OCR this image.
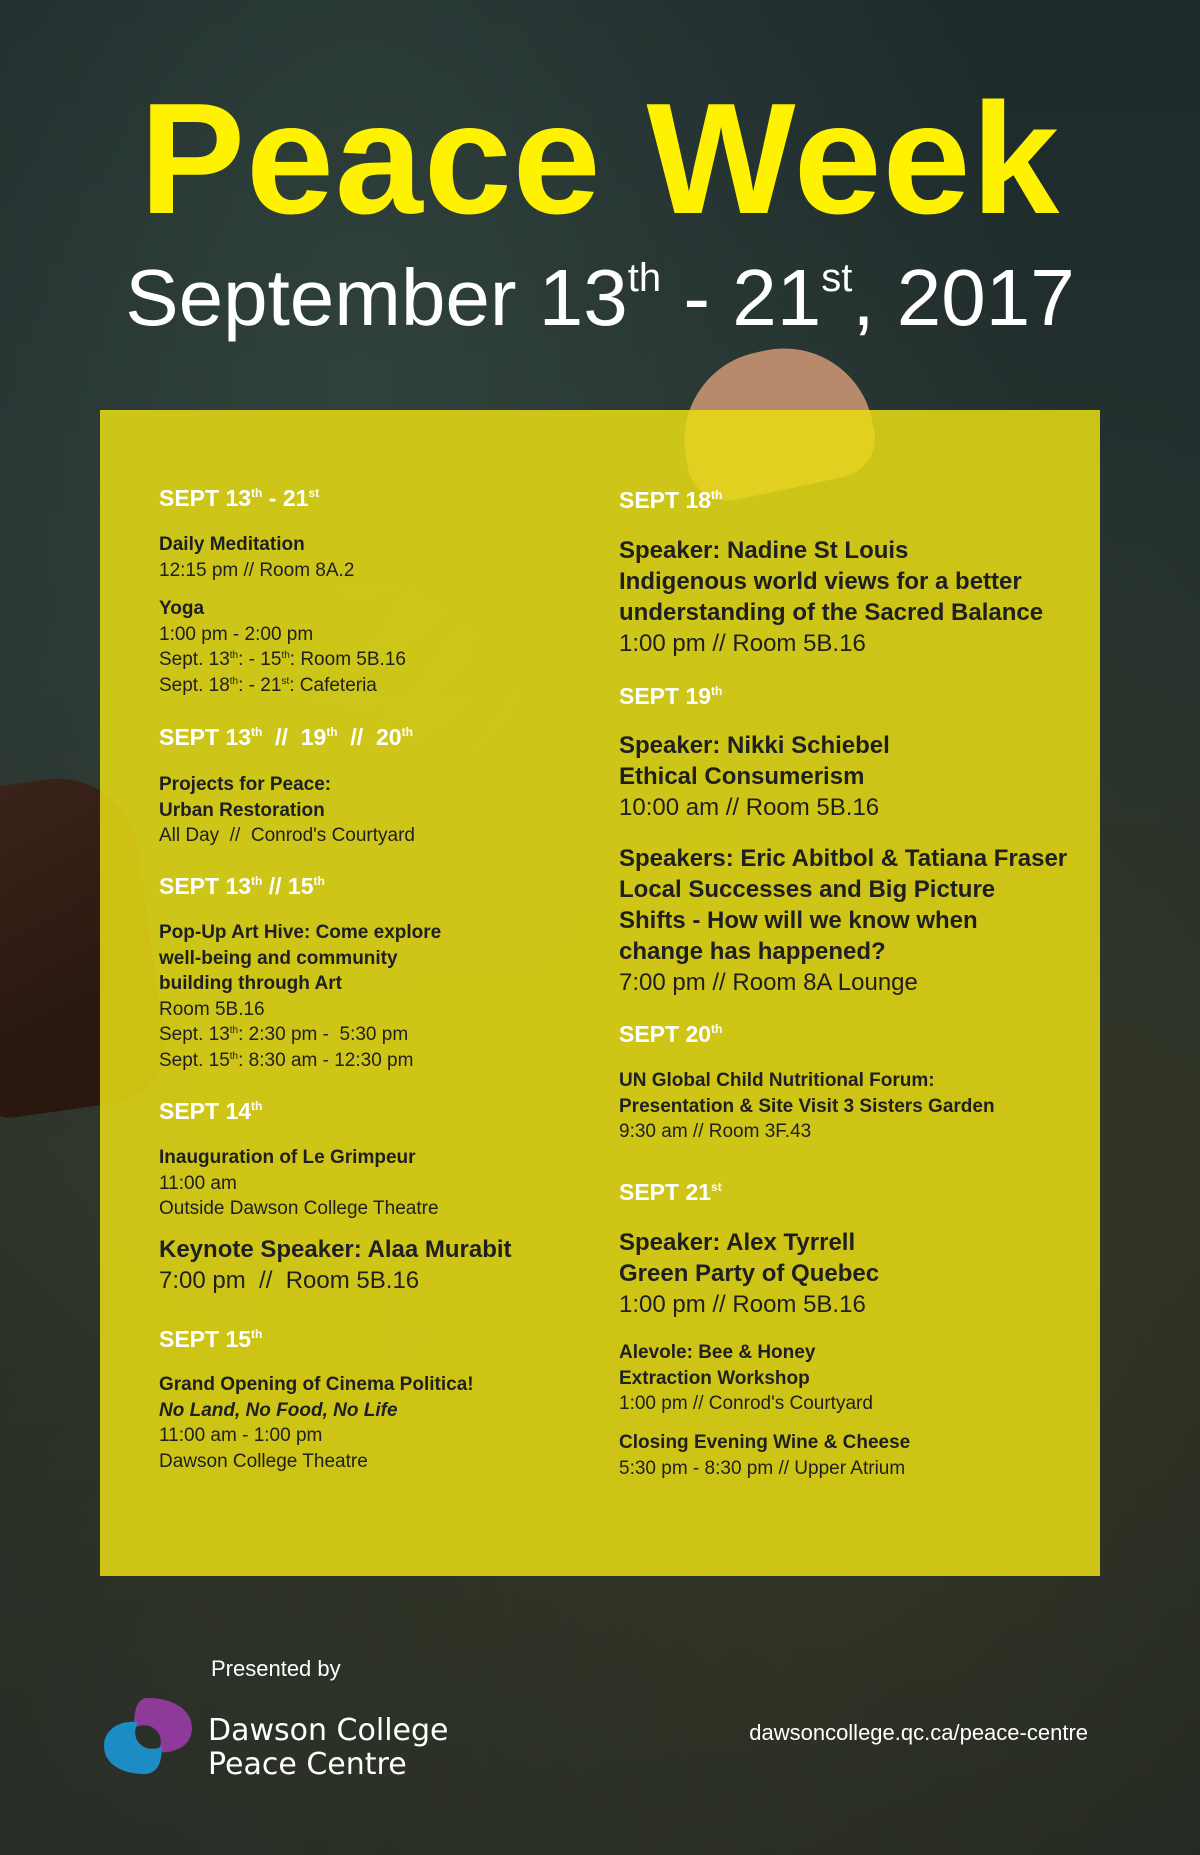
Peace Week
September 13th - 21st, 2017

SEPT 13th - 21st

Daily Meditation
12:15 pm // Room 8A.2
Yoga
1:00 pm - 2:00 pm
Sept. 13th: - 15th: Room 5B.16
Sept. 18th: - 21st: Cafeteria

SEPT 13th  //  19th  //  20th

Projects for Peace:
Urban Restoration
All Day  //  Conrod's Courtyard

SEPT 13th // 15th

Pop-Up Art Hive: Come explore
well-being and community
building through Art
Room 5B.16
Sept. 13th: 2:30 pm -  5:30 pm
Sept. 15th: 8:30 am - 12:30 pm

SEPT 14th

Inauguration of Le Grimpeur
11:00 am
Outside Dawson College Theatre
Keynote Speaker: Alaa Murabit
7:00 pm  //  Room 5B.16

SEPT 15th

Grand Opening of Cinema Politica!
No Land, No Food, No Life
11:00 am - 1:00 pm
Dawson College Theatre

SEPT 18th

Speaker: Nadine St Louis
Indigenous world views for a better
understanding of the Sacred Balance
1:00 pm // Room 5B.16

SEPT 19th

Speaker: Nikki Schiebel
Ethical Consumerism
10:00 am // Room 5B.16
Speakers: Eric Abitbol & Tatiana Fraser
Local Successes and Big Picture
Shifts - How will we know when
change has happened?
7:00 pm // Room 8A Lounge

SEPT 20th

UN Global Child Nutritional Forum:
Presentation & Site Visit 3 Sisters Garden
9:30 am // Room 3F.43

SEPT 21st

Speaker: Alex Tyrrell
Green Party of Quebec
1:00 pm // Room 5B.16
Alevole: Bee & Honey
Extraction Workshop
1:00 pm // Conrod's Courtyard
Closing Evening Wine & Cheese
5:30 pm - 8:30 pm // Upper Atrium
Presented by
Dawson College
Peace Centre
dawsoncollege.qc.ca/peace-centre
